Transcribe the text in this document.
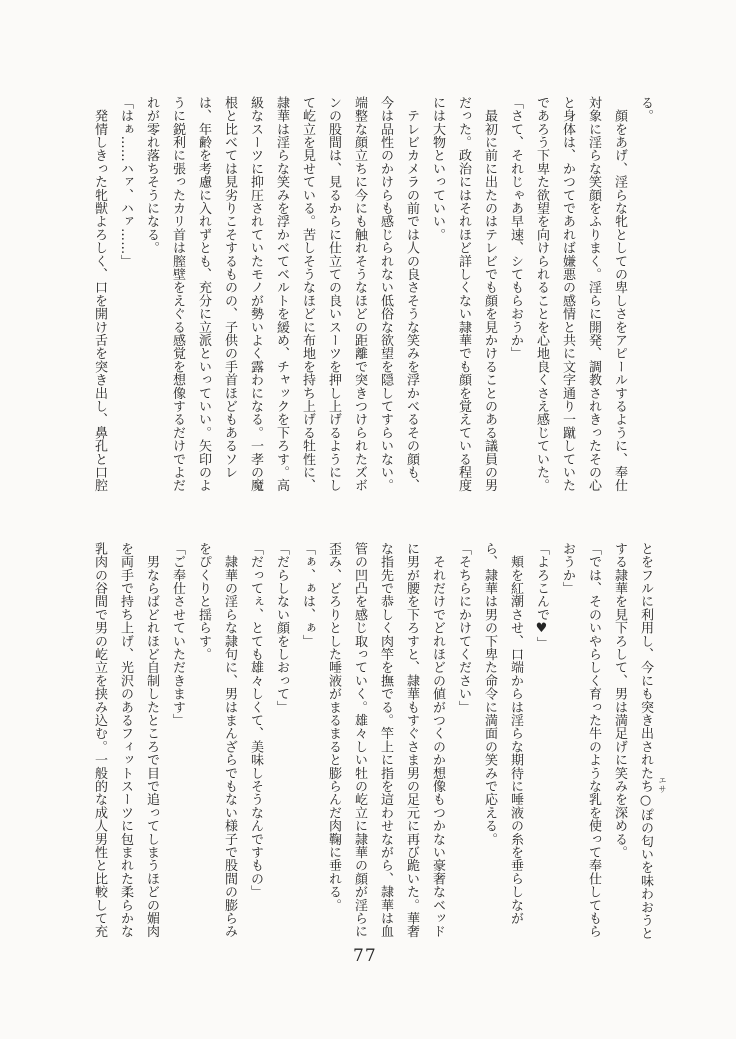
る。
　顔をあげ、淫らな牝としての卑しさをアピールするように、奉仕
対象に淫らな笑顔をふりまく。淫らに開発、調教されきったその心
と身体は、かつてであれば嫌悪の感情と共に文字通り一蹴していた
であろう下卑た欲望を向けられることを心地良くさえ感じていた。
「さて、それじゃあ早速、シてもらおうか」
　最初に前に出たのはテレビでも顔を見かけることのある議員の男
だった。政治にはそれほど詳しくない隷華でも顔を覚えている程度
には大物といっていい。
　テレビカメラの前では人の良さそうな笑みを浮かべるその顔も、
今は品性のかけらも感じられない低俗な欲望を隠してすらいない。
端整な顔立ちに今にも触れそうなほどの距離で突きつけられたズボ
ンの股間は、見るからに仕立ての良いスーツを押し上げるようにし
て屹立を見せている。苦しそうなほどに布地を持ち上げる牡性に、
隷華は淫らな笑みを浮かべてベルトを緩め、チャックを下ろす。高
級なスーツに抑圧されていたモノが勢いよく露わになる。一孝の魔
根と比べては見劣りこそするものの、子供の手首ほどもあるソレ
は、年齢を考慮に入れずとも、充分に立派といっていい。矢印のよ
うに鋭利に張ったカリ首は膣壁をえぐる感覚を想像するだけでよだ
れが零れ落ちそうになる。
「はぁ……ハァ、ハァ……」
　発情しきった牝獣よろしく、口を開け舌を突き出し、鼻孔と口腔
とをフルに利用し、今にも突き出されたち○ぽの匂いを味わおうと
する隷華を見下ろして、男は満足げに笑みを深める。
「では、そのいやらしく育った牛のような乳を使って奉仕してもら
おうか」
「よろこんで♥」
　頬を紅潮させ、口端からは淫らな期待に唾液の糸を垂らしなが
ら、隷華は男の下卑た命令に満面の笑みで応える。
「そちらにかけてください」
　それだけでどれほどの値がつくのか想像もつかない豪奢なベッド
に男が腰を下ろすと、隷華もすぐさま男の足元に再び跪いた。華奢
な指先で恭しく肉竿を撫でる。竿上に指を這わせながら、隷華は血
管の凹凸を感じ取っていく。雄々しい牡の屹立に隷華の顔が淫らに
歪み、どろりとした唾液がまるまると膨らんだ肉鞠に垂れる。
「ぁ、ぁは、ぁ」
「だらしない顔をしおって」
「だってぇ、とても雄々しくて、美味しそうなんですもの」
　隷華の淫らな隷句に、男はまんざらでもない様子で股間の膨らみ
をぴくりと揺らす。
「ご奉仕させていただきます」
　男ならばどれほど自制したところで目で追ってしまうほどの媚肉
を両手で持ち上げ、光沢のあるフィットスーツに包まれた柔らかな
乳肉の谷間で男の屹立を挟み込む。一般的な成人男性と比較して充	エサ
77
